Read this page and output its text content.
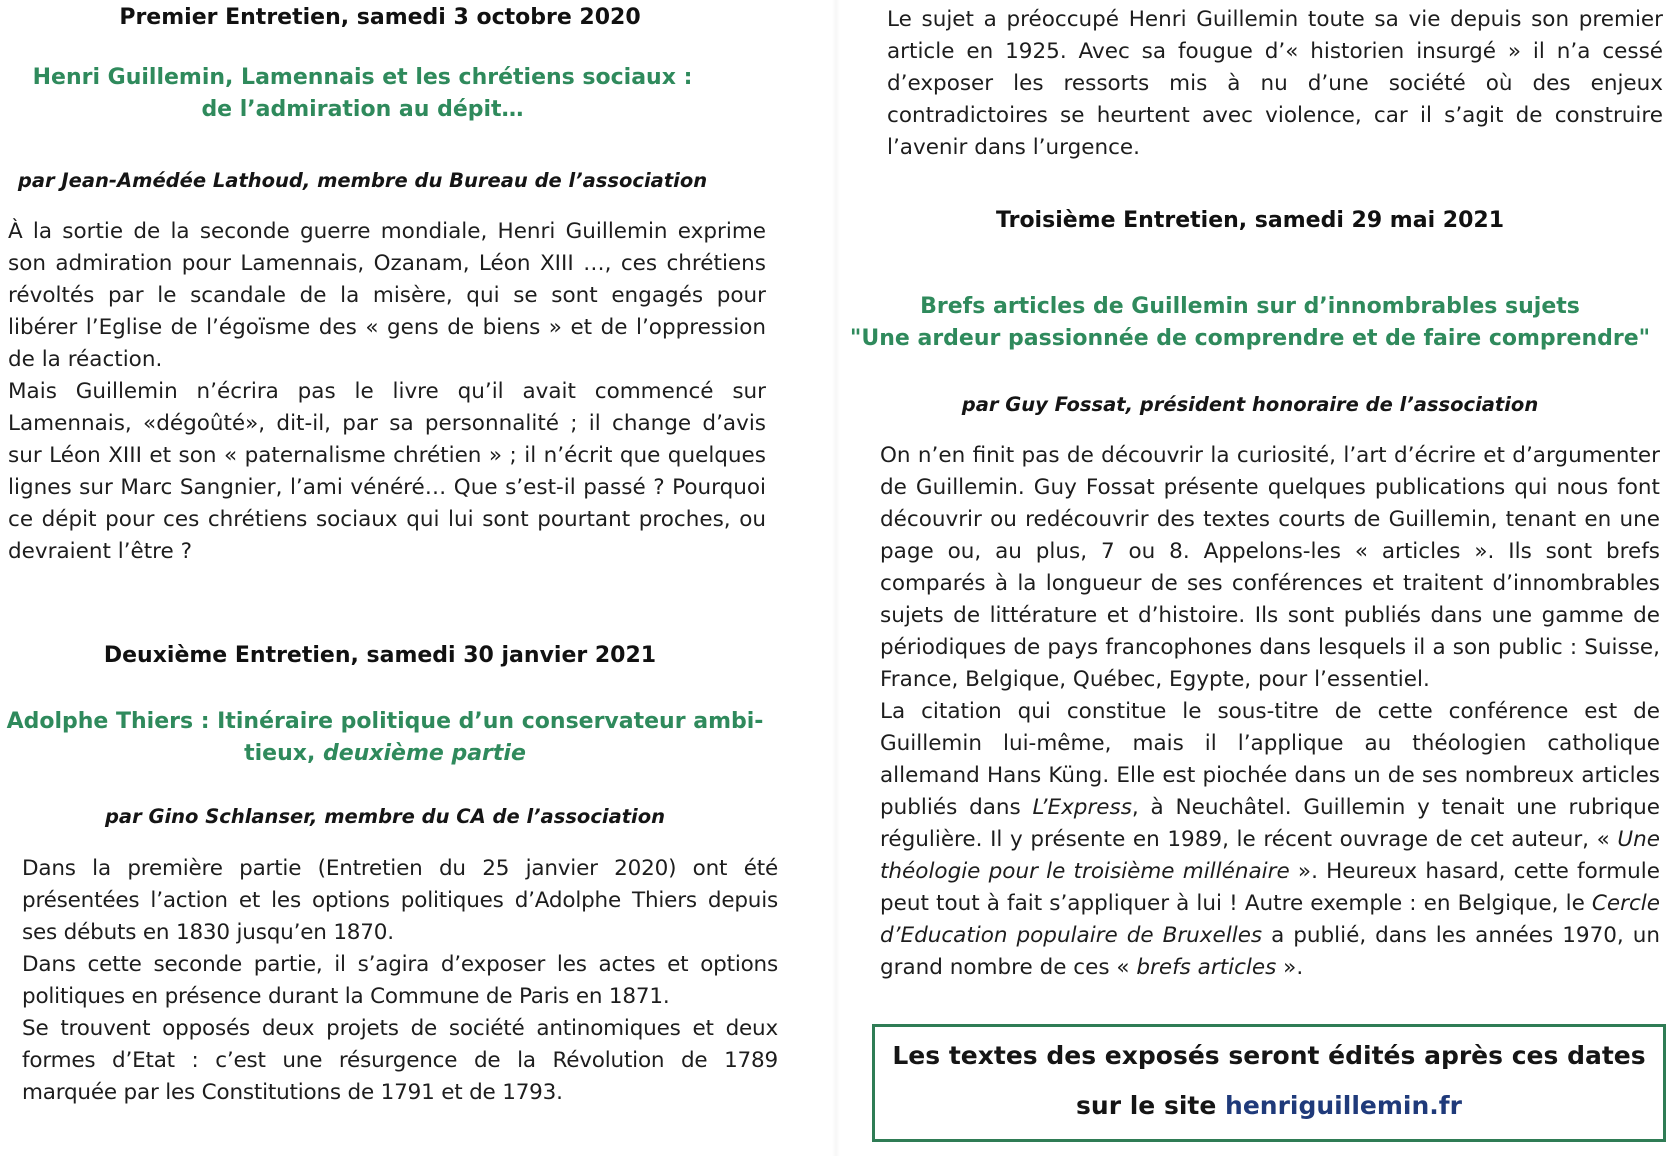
Premier Entretien, samedi 3 octobre 2020
Henri Guillemin, Lamennais et les chrétiens sociaux :
de l’admiration au dépit…
par Jean-Amédée Lathoud, membre du Bureau de l’association

À la sortie de la seconde guerre mondiale, Henri Guillemin exprime son admiration pour Lamennais, Ozanam, Léon XIII …, ces chrétiens révoltés par le scandale de la misère, qui se sont engagés pour libérer l’Eglise de l’égoïsme des « gens de biens » et de l’oppression de la réaction.

Mais Guillemin n’écrira pas le livre qu’il avait commencé sur Lamennais, «dégoûté», dit-il, par sa personnalité ; il change d’avis sur Léon XIII et son « paternalisme chrétien » ; il n’écrit que quelques lignes sur Marc Sangnier, l’ami vénéré… Que s’est-il passé ? Pourquoi ce dépit pour ces chrétiens sociaux qui lui sont pourtant proches, ou devraient l’être ?

Deuxième Entretien, samedi 30 janvier 2021
Adolphe Thiers : Itinéraire politique d’un conservateur ambi-
tieux, deuxième partie
par Gino Schlanser, membre du CA de l’association

Dans la première partie (Entretien du 25 janvier 2020) ont été présentées l’action et les options politiques d’Adolphe Thiers depuis ses débuts en 1830 jusqu’en 1870.

Dans cette seconde partie, il s’agira d’exposer les actes et options politiques en présence durant la Commune de Paris en 1871.

Se trouvent opposés deux projets de société antinomiques et deux formes d’Etat : c’est une résurgence de la Révolution de 1789 marquée par les Constitutions de 1791 et de 1793.

Le sujet a préoccupé Henri Guillemin toute sa vie depuis son premier article en 1925. Avec sa fougue d’« historien insurgé » il n’a cessé d’exposer les ressorts mis à nu d’une société où des enjeux contradictoires se heurtent avec violence, car il s’agit de construire l’avenir dans l’urgence.

Troisième Entretien, samedi 29 mai 2021
Brefs articles de Guillemin sur d’innombrables sujets
"Une ardeur passionnée de comprendre et de faire comprendre"
par Guy Fossat, président honoraire de l’association

On n’en finit pas de découvrir la curiosité, l’art d’écrire et d’argumenter de Guillemin. Guy Fossat présente quelques publications qui nous font découvrir ou redécouvrir des textes courts de Guillemin, tenant en une page ou, au plus, 7 ou 8. Appelons-les « articles ». Ils sont brefs comparés à la longueur de ses conférences et traitent d’innombrables sujets de littérature et d’histoire. Ils sont publiés dans une gamme de périodiques de pays francophones dans lesquels il a son public : Suisse, France, Belgique, Québec, Egypte, pour l’essentiel.

La citation qui constitue le sous-titre de cette conférence est de Guillemin lui-même, mais il l’applique au théologien catholique allemand Hans Küng. Elle est piochée dans un de ses nombreux articles publiés dans L’Express, à Neuchâtel. Guillemin y tenait une rubrique régulière. Il y présente en 1989, le récent ouvrage de cet auteur, « Une théologie pour le troisième millénaire ». Heureux hasard, cette formule peut tout à fait s’appliquer à lui ! Autre exemple : en Belgique, le Cercle d’Education populaire de Bruxelles a publié, dans les années 1970, un grand nombre de ces « brefs articles ».

Les textes des exposés seront édités après ces dates
sur le site henriguillemin.fr
